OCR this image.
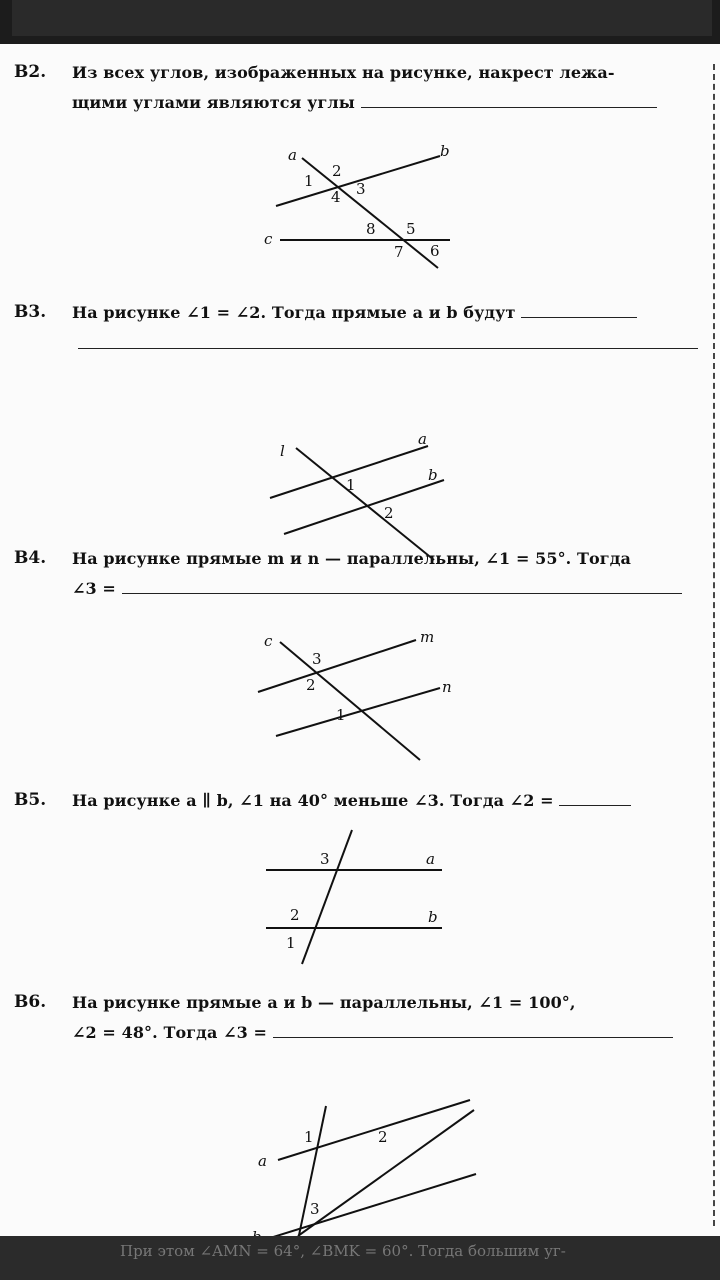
B2. Из всех углов, изображенных на рисунке, накрест лежа-
щими углами являются углы
a	b
c
1
2
3
4
5
6
7
8
B3. На рисунке ∠1 = ∠2. Тогда прямые a и b будут
l
a
b
1
2
B4. На рисунке прямые m и n — параллельны, ∠1 = 55°. Тогда
∠3 =
c	m
n
3
2
1
B5. На рисунке a ∥ b, ∠1 на 40° меньше ∠3. Тогда ∠2 =
3	a
2	b
1
B6. На рисунке прямые a и b — параллельны, ∠1 = 100°,
∠2 = 48°. Тогда ∠3 =
1	2
3
a
При этом ∠AMN = 64°, ∠BMK = 60°. Тогда большим уг-
